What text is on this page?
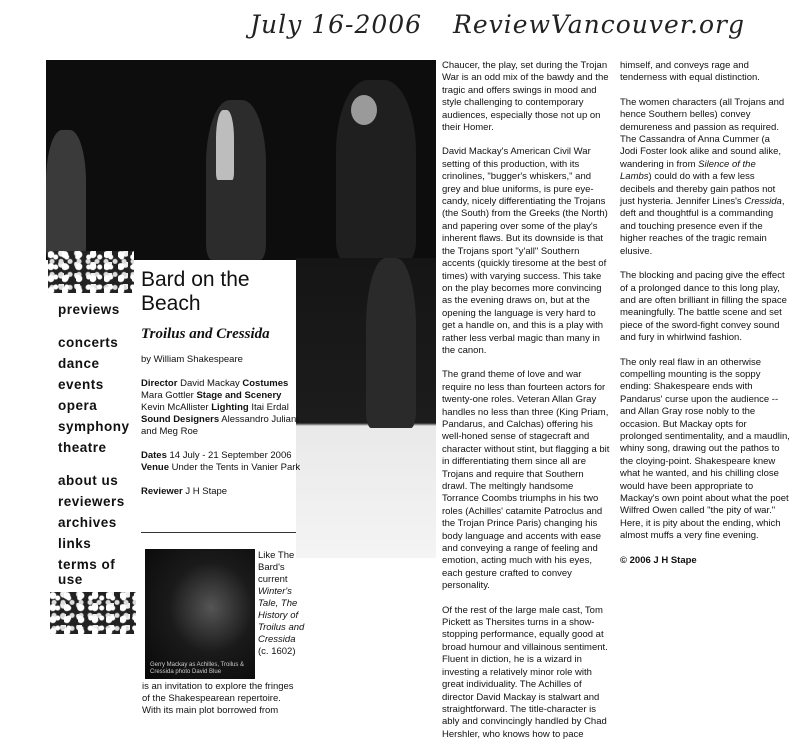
July 16-2006 ReviewVancouver.org
previews
concerts
dance
events
opera
symphony
theatre
about us
reviewers
archives
links
terms of use
Bard on the Beach
Troilus and Cressida

by William Shakespeare

Director David Mackay Costumes Mara Gottler Stage and Scenery Kevin McAllister Lighting Itai Erdal Sound Designers Alessandro Juliani and Meg Roe

Dates 14 July - 21 September 2006 Venue Under the Tents in Vanier Park

Reviewer J H Stape

Gerry Mackay as Achilles, Troilus & Cressida photo David Blue
Like The Bard's current Winter's Tale, The History of Troilus and Cressida (c. 1602)
is an invitation to explore the fringes of the Shakespearean repertoire. With its main plot borrowed from

Chaucer, the play, set during the Trojan War is an odd mix of the bawdy and the tragic and offers swings in mood and style challenging to contemporary audiences, especially those not up on their Homer.

David Mackay's American Civil War setting of this production, with its crinolines, "bugger's whiskers," and grey and blue uniforms, is pure eye-candy, nicely differentiating the Trojans (the South) from the Greeks (the North) and papering over some of the play's inherent flaws. But its downside is that the Trojans sport "y'all" Southern accents (quickly tiresome at the best of times) with varying success. This take on the play becomes more convincing as the evening draws on, but at the opening the language is very hard to get a handle on, and this is a play with rather less verbal magic than many in the canon.

The grand theme of love and war require no less than fourteen actors for twenty-one roles. Veteran Allan Gray handles no less than three (King Priam, Pandarus, and Calchas) offering his well-honed sense of stagecraft and character without stint, but flagging a bit in differentiating them since all are Trojans and require that Southern drawl. The meltingly handsome Torrance Coombs triumphs in his two roles (Achilles' catamite Patroclus and the Trojan Prince Paris) changing his body language and accents with ease and conveying a range of feeling and emotion, acting much with his eyes, each gesture crafted to convey personality.

Of the rest of the large male cast, Tom Pickett as Thersites turns in a show-stopping performance, equally good at broad humour and villainous sentiment. Fluent in diction, he is a wizard in investing a relatively minor role with great individuality. The Achilles of director David Mackay is stalwart and straightforward. The title-character is ably and convincingly handled by Chad Hershler, who knows how to pace

himself, and conveys rage and tenderness with equal distinction.

The women characters (all Trojans and hence Southern belles) convey demureness and passion as required. The Cassandra of Anna Cummer (a Jodi Foster look alike and sound alike, wandering in from Silence of the Lambs) could do with a few less decibels and thereby gain pathos not just hysteria. Jennifer Lines's Cressida, deft and thoughtful is a commanding and touching presence even if the higher reaches of the tragic remain elusive.

The blocking and pacing give the effect of a prolonged dance to this long play, and are often brilliant in filling the space meaningfully. The battle scene and set piece of the sword-fight convey sound and fury in whirlwind fashion.

The only real flaw in an otherwise compelling mounting is the soppy ending: Shakespeare ends with Pandarus' curse upon the audience -- and Allan Gray rose nobly to the occasion. But Mackay opts for prolonged sentimentality, and a maudlin, whiny song, drawing out the pathos to the cloying-point. Shakespeare knew what he wanted, and his chilling close would have been appropriate to Mackay's own point about what the poet Wilfred Owen called "the pity of war." Here, it is pity about the ending, which almost muffs a very fine evening.

© 2006 J H Stape
